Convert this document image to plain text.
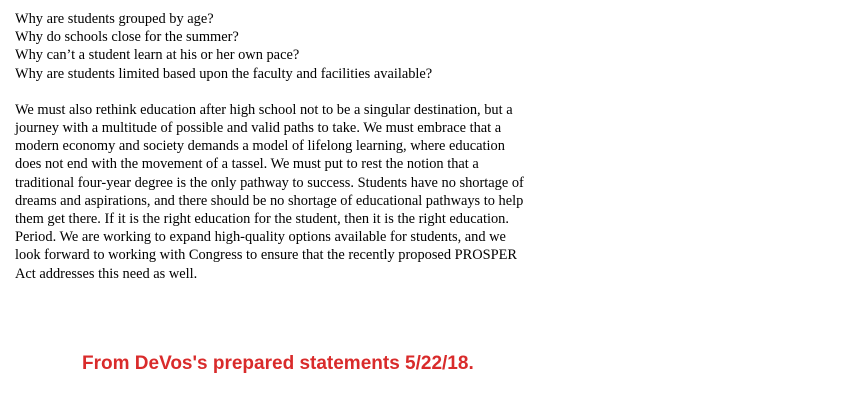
Why are students grouped by age?
Why do schools close for the summer?
Why can’t a student learn at his or her own pace?
Why are students limited based upon the faculty and facilities available?
We must also rethink education after high school not to be a singular destination, but a
journey with a multitude of possible and valid paths to take. We must embrace that a
modern economy and society demands a model of lifelong learning, where education
does not end with the movement of a tassel. We must put to rest the notion that a
traditional four-year degree is the only pathway to success. Students have no shortage of
dreams and aspirations, and there should be no shortage of educational pathways to help
them get there. If it is the right education for the student, then it is the right education.
Period. We are working to expand high-quality options available for students, and we
look forward to working with Congress to ensure that the recently proposed PROSPER
Act addresses this need as well.
From DeVos's prepared statements 5/22/18.
